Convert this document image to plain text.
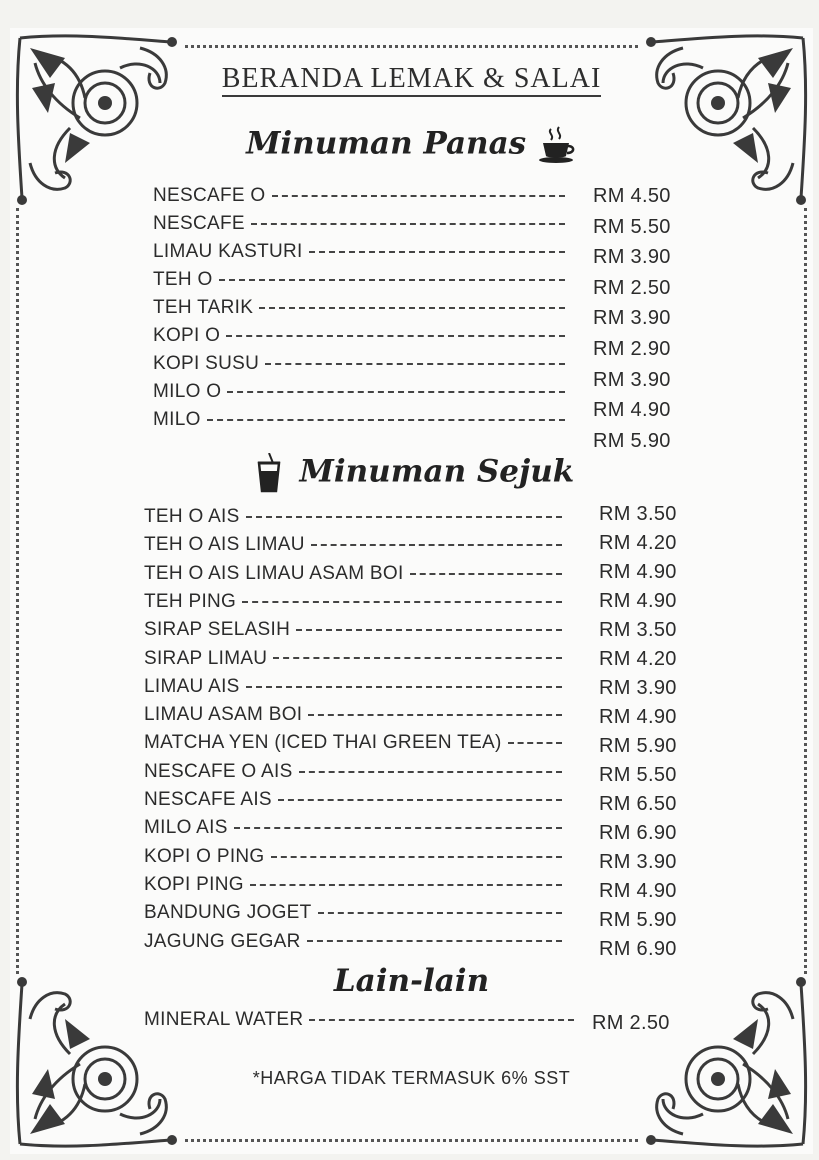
BERANDA LEMAK & SALAI
Minuman Panas
NESCAFE O
NESCAFE
LIMAU KASTURI
TEH O
TEH TARIK
KOPI O
KOPI SUSU
MILO O
MILO
RM 4.50
RM 5.50
RM 3.90
RM 2.50
RM 3.90
RM 2.90
RM 3.90
RM 4.90
RM 5.90
Minuman Sejuk
TEH O AIS
TEH O AIS LIMAU
TEH O AIS LIMAU ASAM BOI
TEH PING
SIRAP SELASIH
SIRAP LIMAU
LIMAU AIS
LIMAU ASAM BOI
MATCHA YEN (ICED THAI GREEN TEA)
NESCAFE O AIS
NESCAFE AIS
MILO AIS
KOPI O PING
KOPI PING
BANDUNG JOGET
JAGUNG GEGAR
RM 3.50
RM 4.20
RM 4.90
RM 4.90
RM 3.50
RM 4.20
RM 3.90
RM 4.90
RM 5.90
RM 5.50
RM 6.50
RM 6.90
RM 3.90
RM 4.90
RM 5.90
RM 6.90
Lain-lain
MINERAL WATER	RM 2.50
*HARGA TIDAK TERMASUK 6% SST
